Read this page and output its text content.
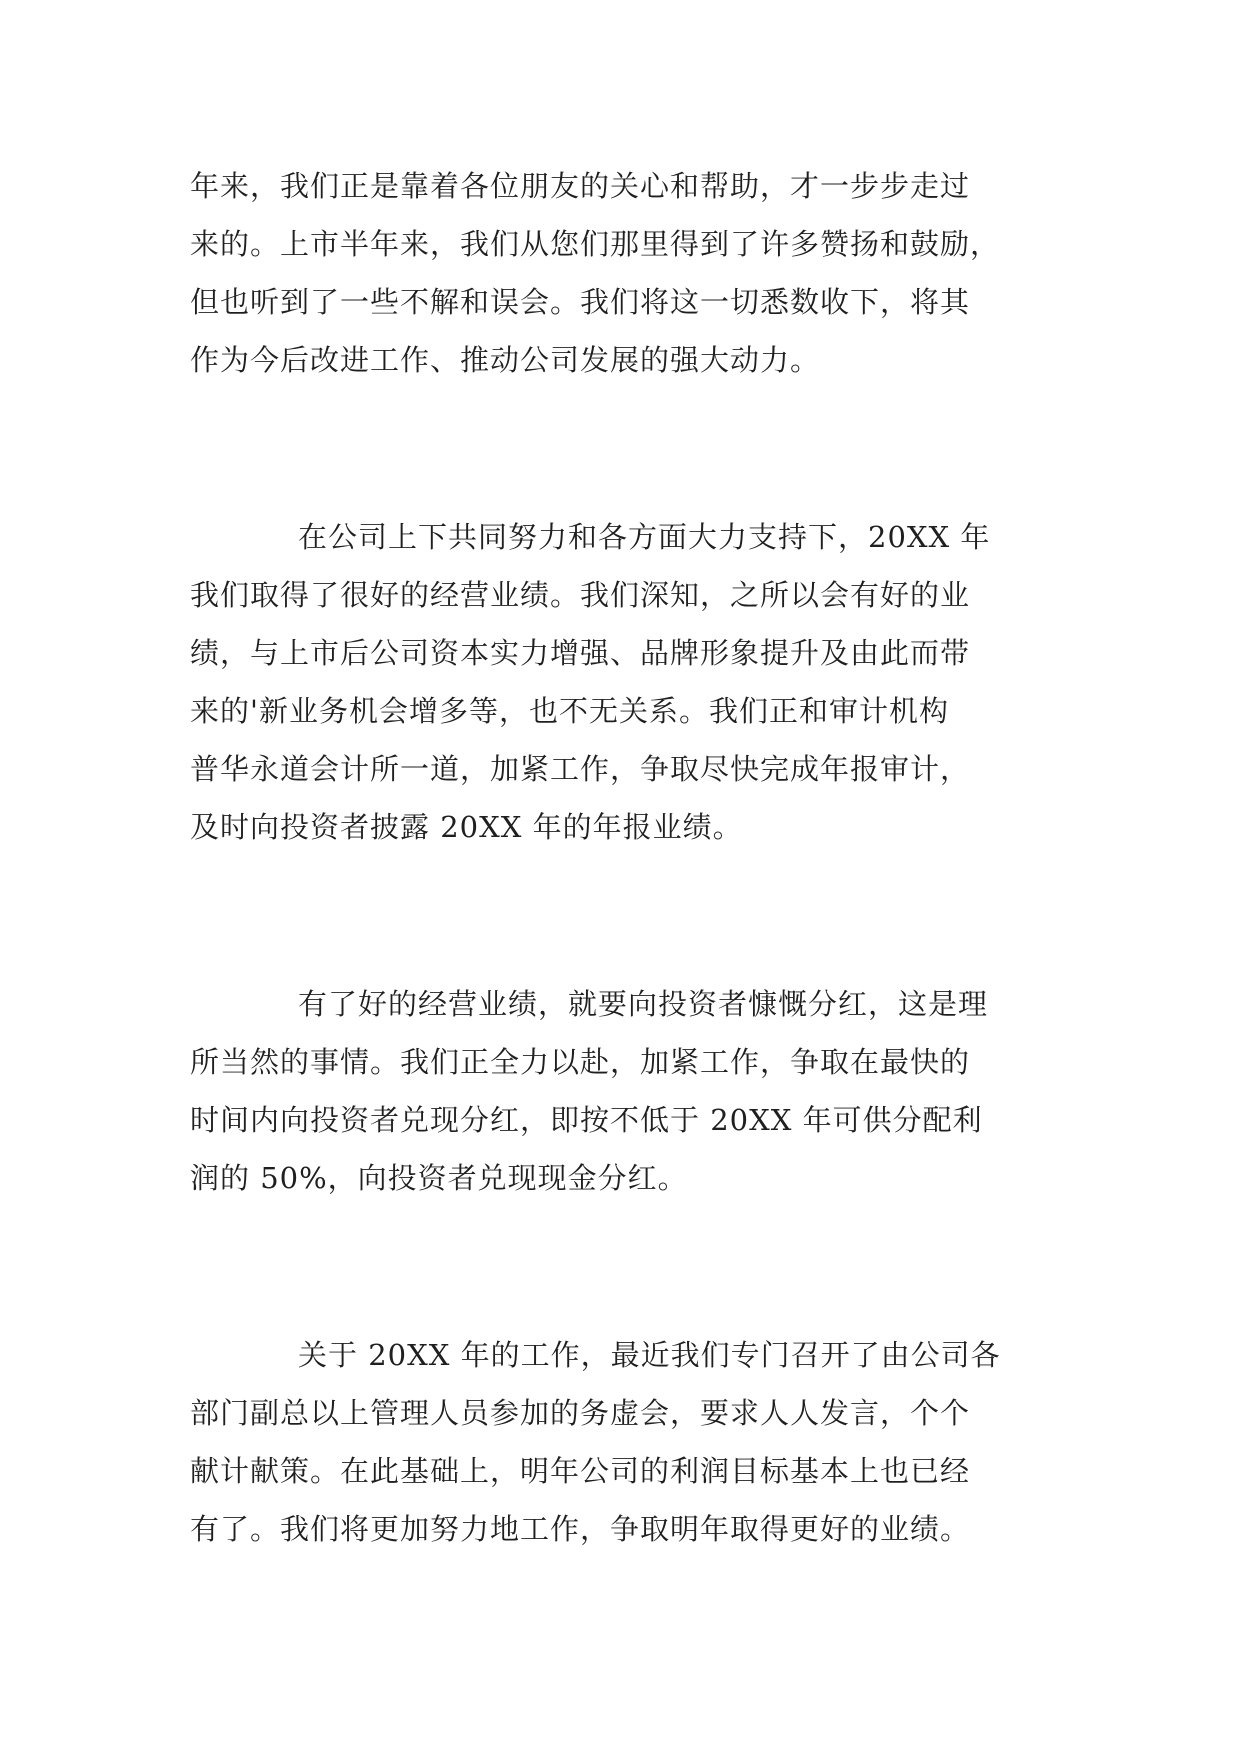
年来，我们正是靠着各位朋友的关心和帮助，才一步步走过
来的。上市半年来，我们从您们那里得到了许多赞扬和鼓励，
但也听到了一些不解和误会。我们将这一切悉数收下，将其
作为今后改进工作、推动公司发展的强大动力。
在公司上下共同努力和各方面大力支持下，20XX 年
我们取得了很好的经营业绩。我们深知，之所以会有好的业
绩，与上市后公司资本实力增强、品牌形象提升及由此而带
来的'新业务机会增多等，也不无关系。我们正和审计机构
普华永道会计所一道，加紧工作，争取尽快完成年报审计，
及时向投资者披露 20XX 年的年报业绩。
有了好的经营业绩，就要向投资者慷慨分红，这是理
所当然的事情。我们正全力以赴，加紧工作，争取在最快的
时间内向投资者兑现分红，即按不低于 20XX 年可供分配利
润的 50%，向投资者兑现现金分红。
关于 20XX 年的工作，最近我们专门召开了由公司各
部门副总以上管理人员参加的务虚会，要求人人发言，个个
献计献策。在此基础上，明年公司的利润目标基本上也已经
有了。我们将更加努力地工作，争取明年取得更好的业绩。
